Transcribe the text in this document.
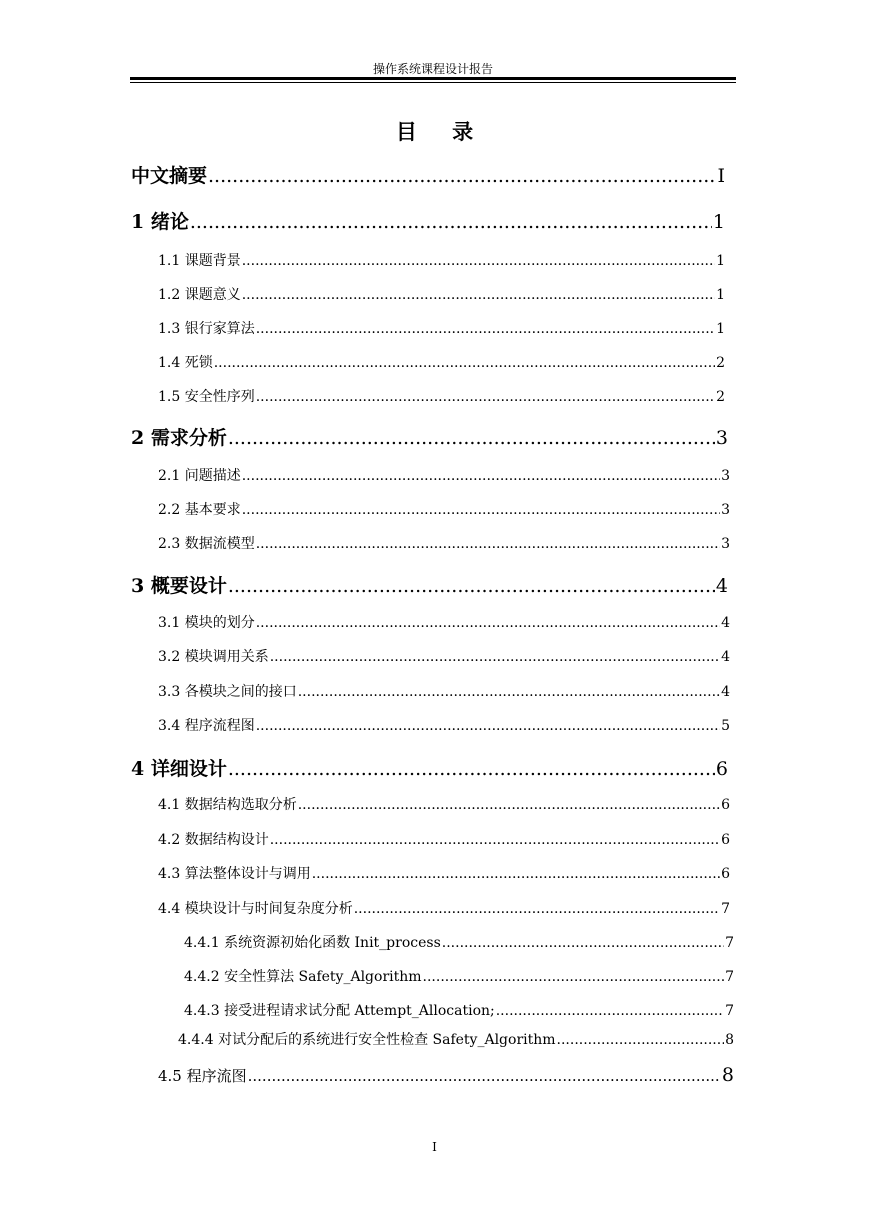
操作系统课程设计报告
目 录
中文摘要 .....	I
1 绪论 .....	1
1.1 课题背景 .....	1
1.2 课题意义 .....	1
1.3 银行家算法 .....	1
1.4 死锁 .....	2
1.5 安全性序列 .....	2
2 需求分析 .....	3
2.1 问题描述 .....	3
2.2 基本要求 .....	3
2.3 数据流模型 .....	3
3 概要设计 .....	4
3.1 模块的划分 .....	4
3.2 模块调用关系 .....	4
3.3 各模块之间的接口 .....	4
3.4 程序流程图 .....	5
4 详细设计 .....	6
4.1 数据结构选取分析 .....	6
4.2 数据结构设计 .....	6
4.3 算法整体设计与调用 .....	6
4.4 模块设计与时间复杂度分析 .....	7
4.4.1 系统资源初始化函数 Init_process .....	7
4.4.2 安全性算法 Safety_Algorithm .....	7
4.4.3 接受进程请求试分配 Attempt_Allocation; .....	7
4.4.4 对试分配后的系统进行安全性检查 Safety_Algorithm .....	8
4.5 程序流图 .....	8
I
